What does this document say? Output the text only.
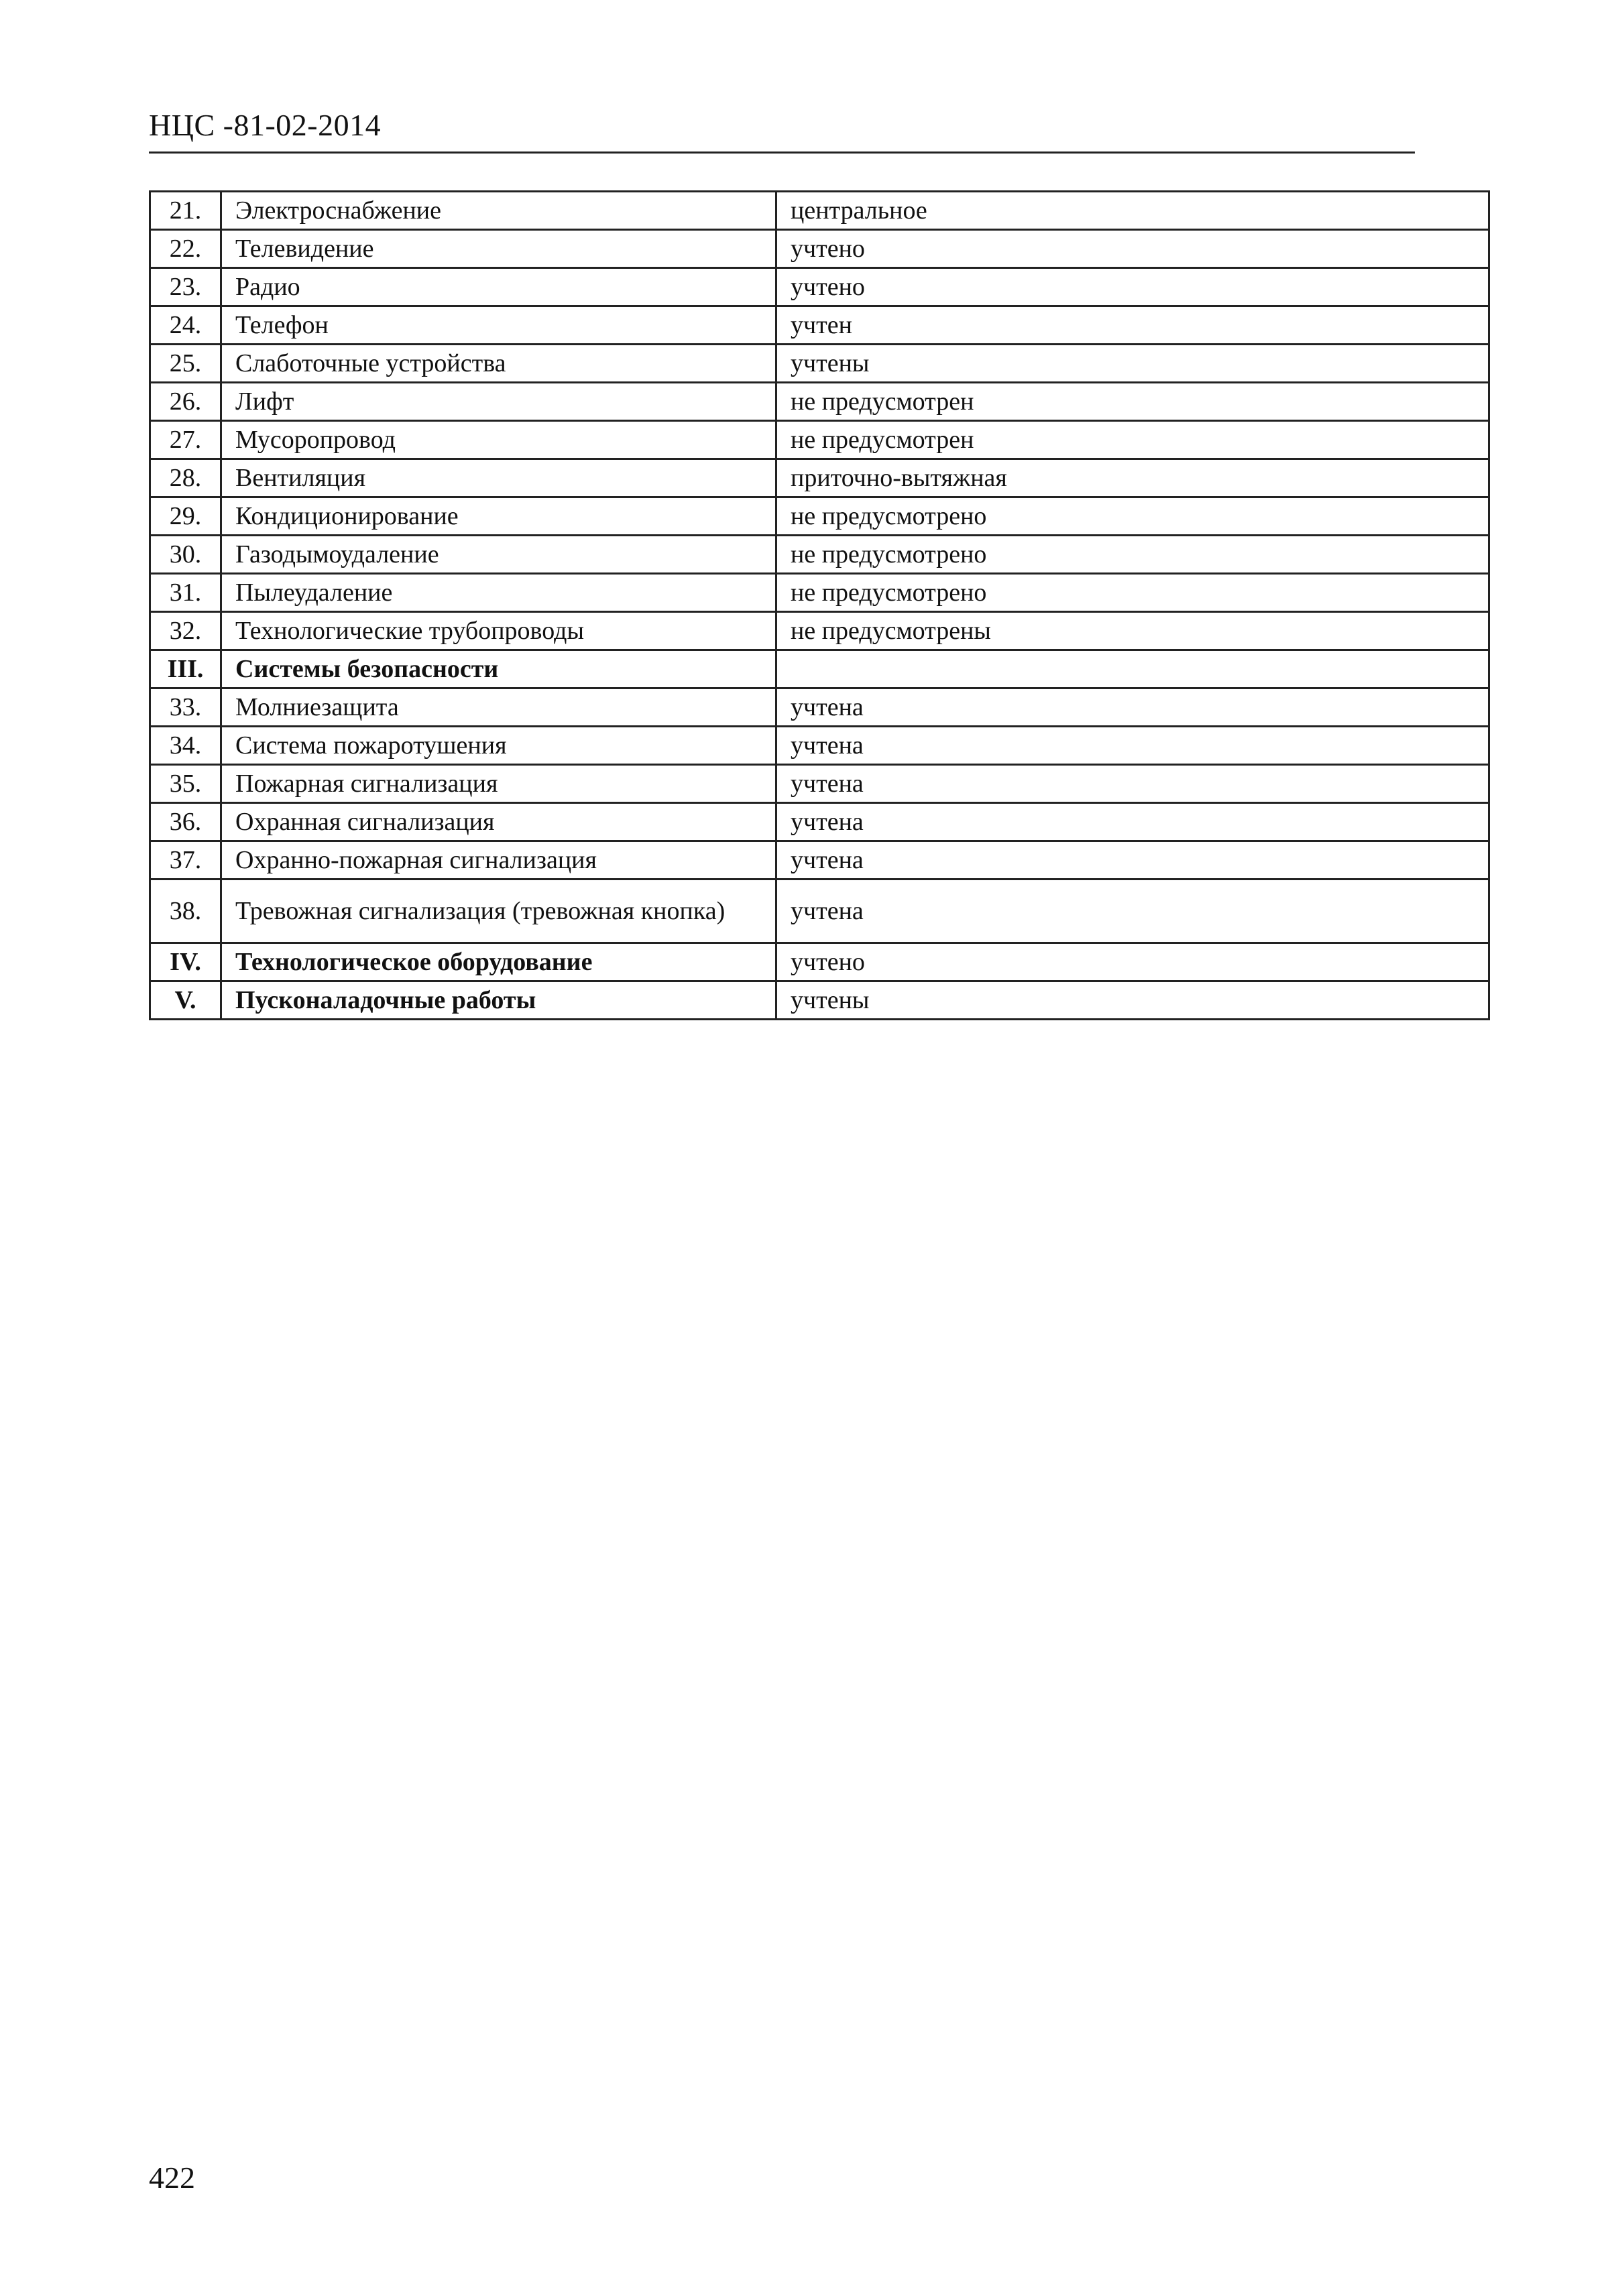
НЦС -81-02-2014
21.	Электроснабжение	центральное
22.	Телевидение	учтено
23.	Радио	учтено
24.	Телефон	учтен
25.	Слаботочные устройства	учтены
26.	Лифт	не предусмотрен
27.	Мусоропровод	не предусмотрен
28.	Вентиляция	приточно-вытяжная
29.	Кондиционирование	не предусмотрено
30.	Газодымоудаление	не предусмотрено
31.	Пылеудаление	не предусмотрено
32.	Технологические трубопроводы	не предусмотрены
III.	Системы безопасности	
33.	Молниезащита	учтена
34.	Система пожаротушения	учтена
35.	Пожарная сигнализация	учтена
36.	Охранная сигнализация	учтена
37.	Охранно-пожарная сигнализация	учтена
38.	Тревожная сигнализация (тревожная кнопка)	учтена
IV.	Технологическое оборудование	учтено
V.	Пусконаладочные работы	учтены
422
